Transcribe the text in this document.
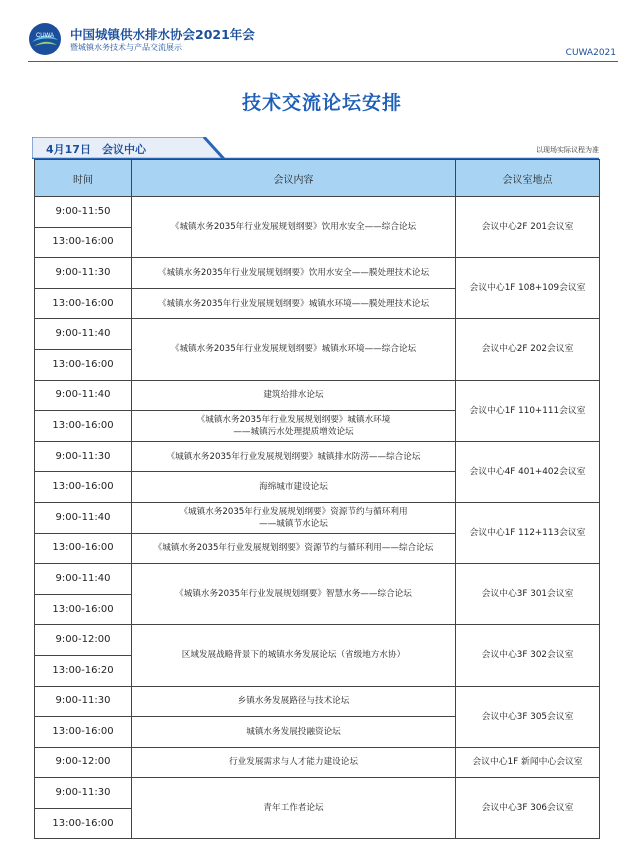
CUWA 中国城镇供水排水协会2021年会
暨城镇水务技术与产品交流展示
CUWA2021
技术交流论坛安排
4月17日　会议中心	以现场实际议程为准
时间	会议内容	会议室地点
9:00-11:50	《城镇水务2035年行业发展规划纲要》饮用水安全——综合论坛	会议中心2F 201会议室
13:00-16:00		
9:00-11:30	《城镇水务2035年行业发展规划纲要》饮用水安全——膜处理技术论坛	会议中心1F 108+109会议室
13:00-16:00	《城镇水务2035年行业发展规划纲要》城镇水环境——膜处理技术论坛	

9:00-11:40	《城镇水务2035年行业发展规划纲要》城镇水环境——综合论坛	会议中心2F 202会议室
13:00-16:00		
9:00-11:40	建筑给排水论坛	会议中心1F 110+111会议室
13:00-16:00	《城镇水务2035年行业发展规划纲要》城镇水环境
——城镇污水处理提质增效论坛	

9:00-11:30	《城镇水务2035年行业发展规划纲要》城镇排水防涝——综合论坛	会议中心4F 401+402会议室
13:00-16:00	海绵城市建设论坛	

9:00-11:40	《城镇水务2035年行业发展规划纲要》资源节约与循环利用
——城镇节水论坛	会议中心1F 112+113会议室
13:00-16:00	《城镇水务2035年行业发展规划纲要》资源节约与循环利用——综合论坛	

9:00-11:40	《城镇水务2035年行业发展规划纲要》智慧水务——综合论坛	会议中心3F 301会议室
13:00-16:00		
9:00-12:00	区域发展战略背景下的城镇水务发展论坛（省级地方水协）	会议中心3F 302会议室
13:00-16:20		
9:00-11:30	乡镇水务发展路径与技术论坛	会议中心3F 305会议室
13:00-16:00	城镇水务发展投融资论坛	

9:00-12:00	行业发展需求与人才能力建设论坛	会议中心1F 新闻中心会议室
9:00-11:30	青年工作者论坛	会议中心3F 306会议室
13:00-16:00		
